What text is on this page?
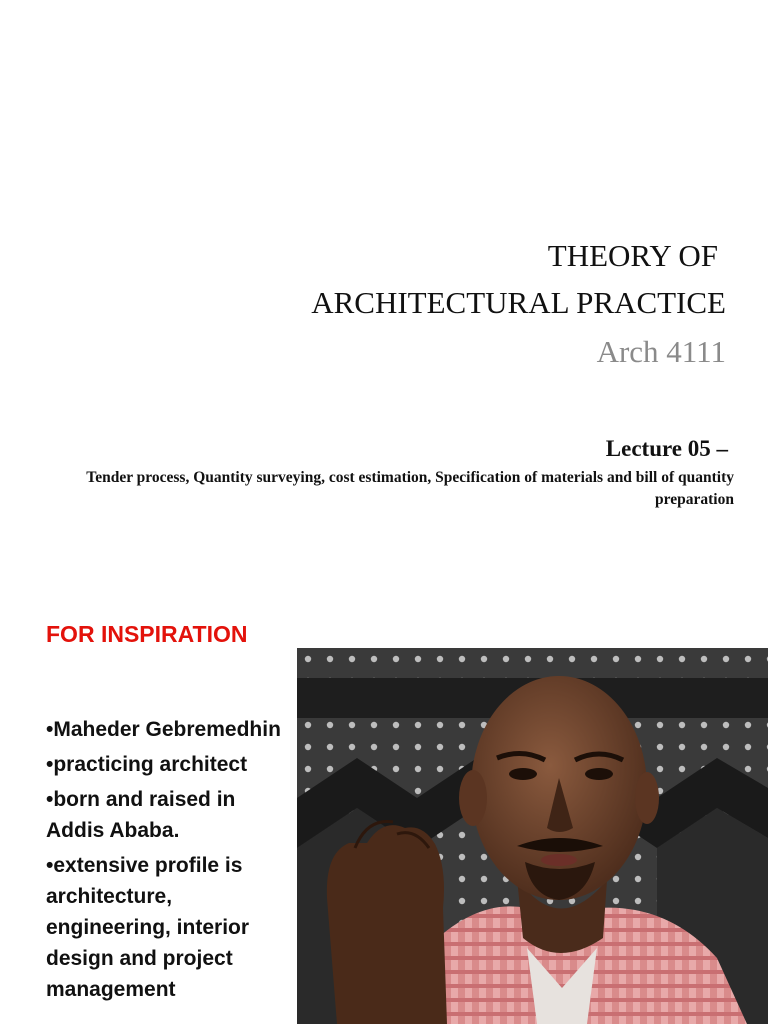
THEORY OF
ARCHITECTURAL PRACTICE

Arch 4111

Lecture 05 –

Tender process, Quantity surveying, cost estimation, Specification of materials and bill of quantity preparation

FOR INSPIRATION

•Maheder Gebremedhin
•practicing architect
•born and raised in Addis Ababa.
•extensive profile is architecture, engineering, interior design and project management
